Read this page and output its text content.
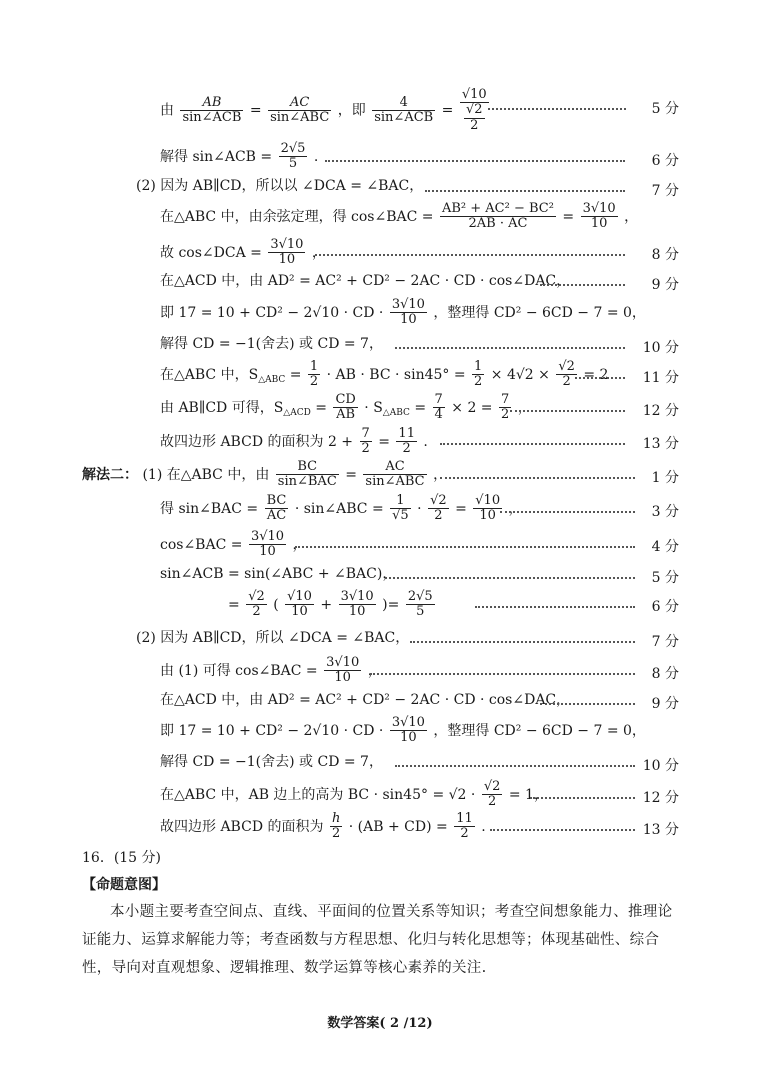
由 $\frac{AB}{\text{sin∠ACB}} = \frac{AC}{\text{sin∠ABC}}$ ，即 $\frac{4}{\text{sin∠ACB}} = \frac{√10}{\frac{√2}{2}}$	5 分
解得 sin∠ACB = $\frac{2√5}{5}$ .	6 分
(2) 因为 AB∥CD，所以以 ∠DCA = ∠BAC，	7 分
在△ABC 中，由余弦定理，得 cos∠BAC = $\frac{\text{AB² + AC² − BC²}}{2AB \cdot AC} = \frac{3√10}{10}$ ，
故 cos∠DCA = $\frac{3√10}{10}$ ，	8 分
在△ACD 中，由 AD² = AC² + CD² − 2AC · CD · cos∠DAC，	9 分
即 17 = 10 + CD² − 2√10 · CD · $\frac{3√10}{10}$ ，整理得 CD² − 6CD − 7 = 0，
解得 CD = −1(舍去) 或 CD = 7，	10 分
在△ABC 中，$S_{\triangle ABC} = \frac{1}{2}$ · AB · BC · $\sin 45^\circ = \frac{1}{2} \times 4√2 \times \frac{√2}{2} = 2$ 11 分
由 AB∥CD 可得，$S_{\triangle ACD} = \frac{CD}{AB} \cdot S_{\triangle ABC} = \frac{7}{4} \times 2 = \frac{7}{2}$ ，	12 分
故四边形 ABCD 的面积为 $2 + \frac{7}{2} = \frac{11}{2}$ .	13 分
解法二： (1) 在△ABC 中，由 $\frac{BC}{\text{sin∠BAC}} = \frac{AC}{\text{sin∠ABC}}$ ，	1 分
得 sin∠BAC = $\frac{BC}{AC}$ · sin∠ABC = $\frac{1}{√5} \cdot \frac{√2}{2} = \frac{√10}{10}$ ，	3 分
cos∠BAC = $\frac{3√10}{10}$ ，	4 分
sin∠ACB = sin(∠ABC + ∠BAC)，	5 分
= $\frac{√2}{2}$ ( $\frac{√10}{10} + \frac{3√10}{10}$ )= $\frac{2√5}{5}$	6 分
(2) 因为 AB∥CD，所以 ∠DCA = ∠BAC，	7 分
由 (1) 可得 cos∠BAC = $\frac{3√10}{10}$ ，	8 分
在△ACD 中，由 AD² = AC² + CD² − 2AC · CD · cos∠DAC，	9 分
即 17 = 10 + CD² − 2√10 · CD · $\frac{3√10}{10}$ ，整理得 CD² − 6CD − 7 = 0，
解得 CD = −1(舍去) 或 CD = 7，	10 分
在△ABC 中，AB 边上的高为 BC · $\sin 45^\circ = √2 \cdot \frac{√2}{2} = 1$，	12 分
故四边形 ABCD 的面积为 $\frac{h}{2} \cdot (AB + CD) = \frac{11}{2}$ .	13 分
16．(15 分)
【命题意图】
本小题主要考查空间点、直线、平面间的位置关系等知识；考查空间想象能力、推理论证能力、运算求解能力等；考查函数与方程思想、化归与转化思想等；体现基础性、综合性，导向对直观想象、逻辑推理、数学运算等核心素养的关注.
数学答案( 2 /12)
